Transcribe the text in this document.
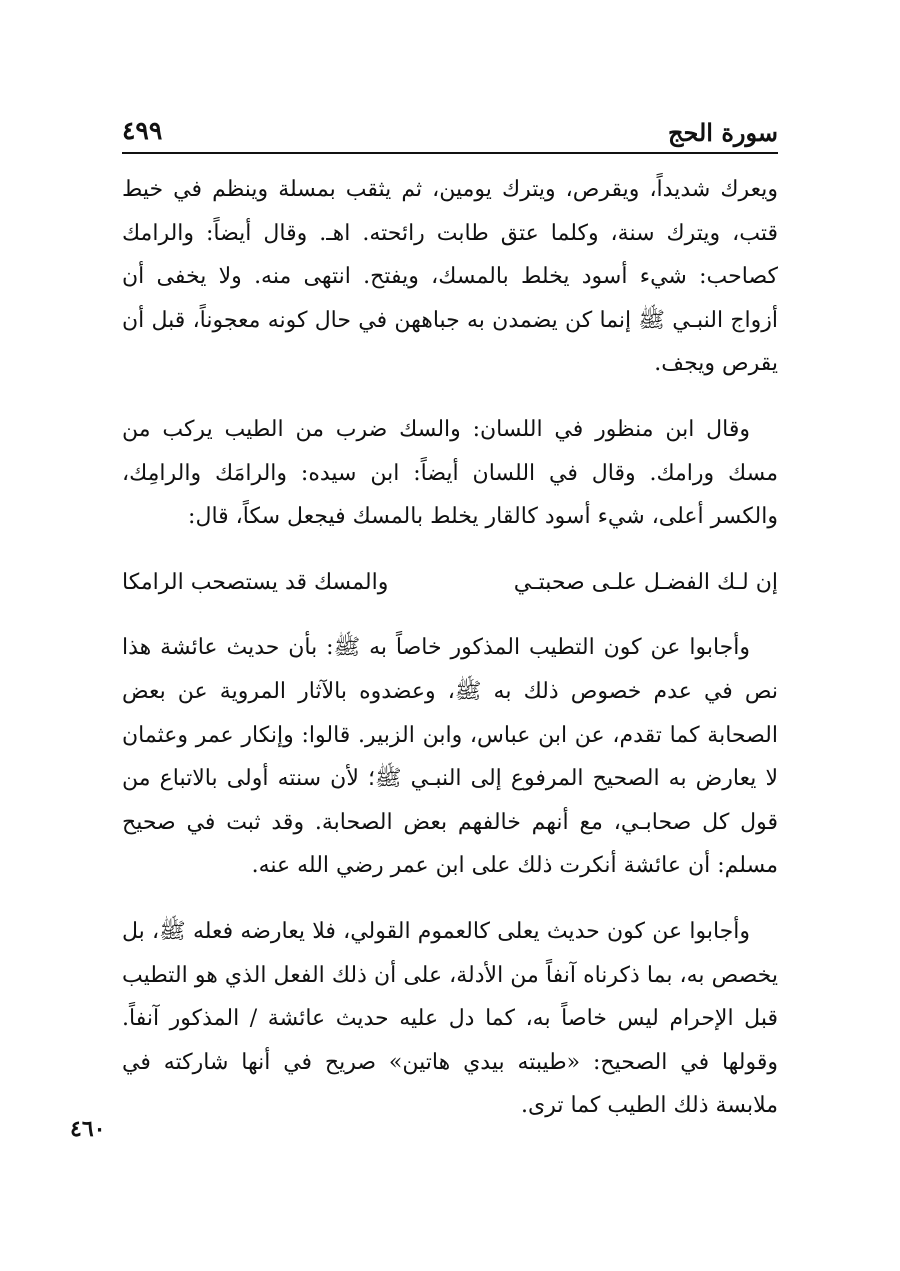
سورة الحج
٤٩٩

ويعرك شديداً، ويقرص، ويترك يومين، ثم يثقب بمسلة وينظم في خيط قتب، ويترك سنة، وكلما عتق طابت رائحته. اهـ. وقال أيضاً: والرامك كصاحب: شيء أسود يخلط بالمسك، ويفتح. انتهى منه. ولا يخفى أن أزواج النبـي ﷺ إنما كن يضمدن به جباههن في حال كونه معجوناً، قبل أن يقرص ويجف.

وقال ابن منظور في اللسان: والسك ضرب من الطيب يركب من مسك ورامك. وقال في اللسان أيضاً: ابن سيده: والرامَك والرامِك، والكسر أعلى، شيء أسود كالقار يخلط بالمسك فيجعل سكاً، قال:

إن لـك الفضـل علـى صحبتـي
والمسك قد يستصحب الرامكا

وأجابوا عن كون التطيب المذكور خاصاً به ﷺ: بأن حديث عائشة هذا نص في عدم خصوص ذلك به ﷺ، وعضدوه بالآثار المروية عن بعض الصحابة كما تقدم، عن ابن عباس، وابن الزبير. قالوا: وإنكار عمر وعثمان لا يعارض به الصحيح المرفوع إلى النبـي ﷺ؛ لأن سنته أولى بالاتباع من قول كل صحابـي، مع أنهم خالفهم بعض الصحابة. وقد ثبت في صحيح مسلم: أن عائشة أنكرت ذلك على ابن عمر رضي الله عنه.

وأجابوا عن كون حديث يعلى كالعموم القولي، فلا يعارضه فعله ﷺ، بل يخصص به، بما ذكرناه آنفاً من الأدلة، على أن ذلك الفعل الذي هو التطيب قبل الإحرام ليس خاصاً به، كما دل عليه حديث عائشة / المذكور آنفاً. وقولها في الصحيح: «طيبته بيدي هاتين» صريح في أنها شاركته في ملابسة ذلك الطيب كما ترى.

٤٦٠
